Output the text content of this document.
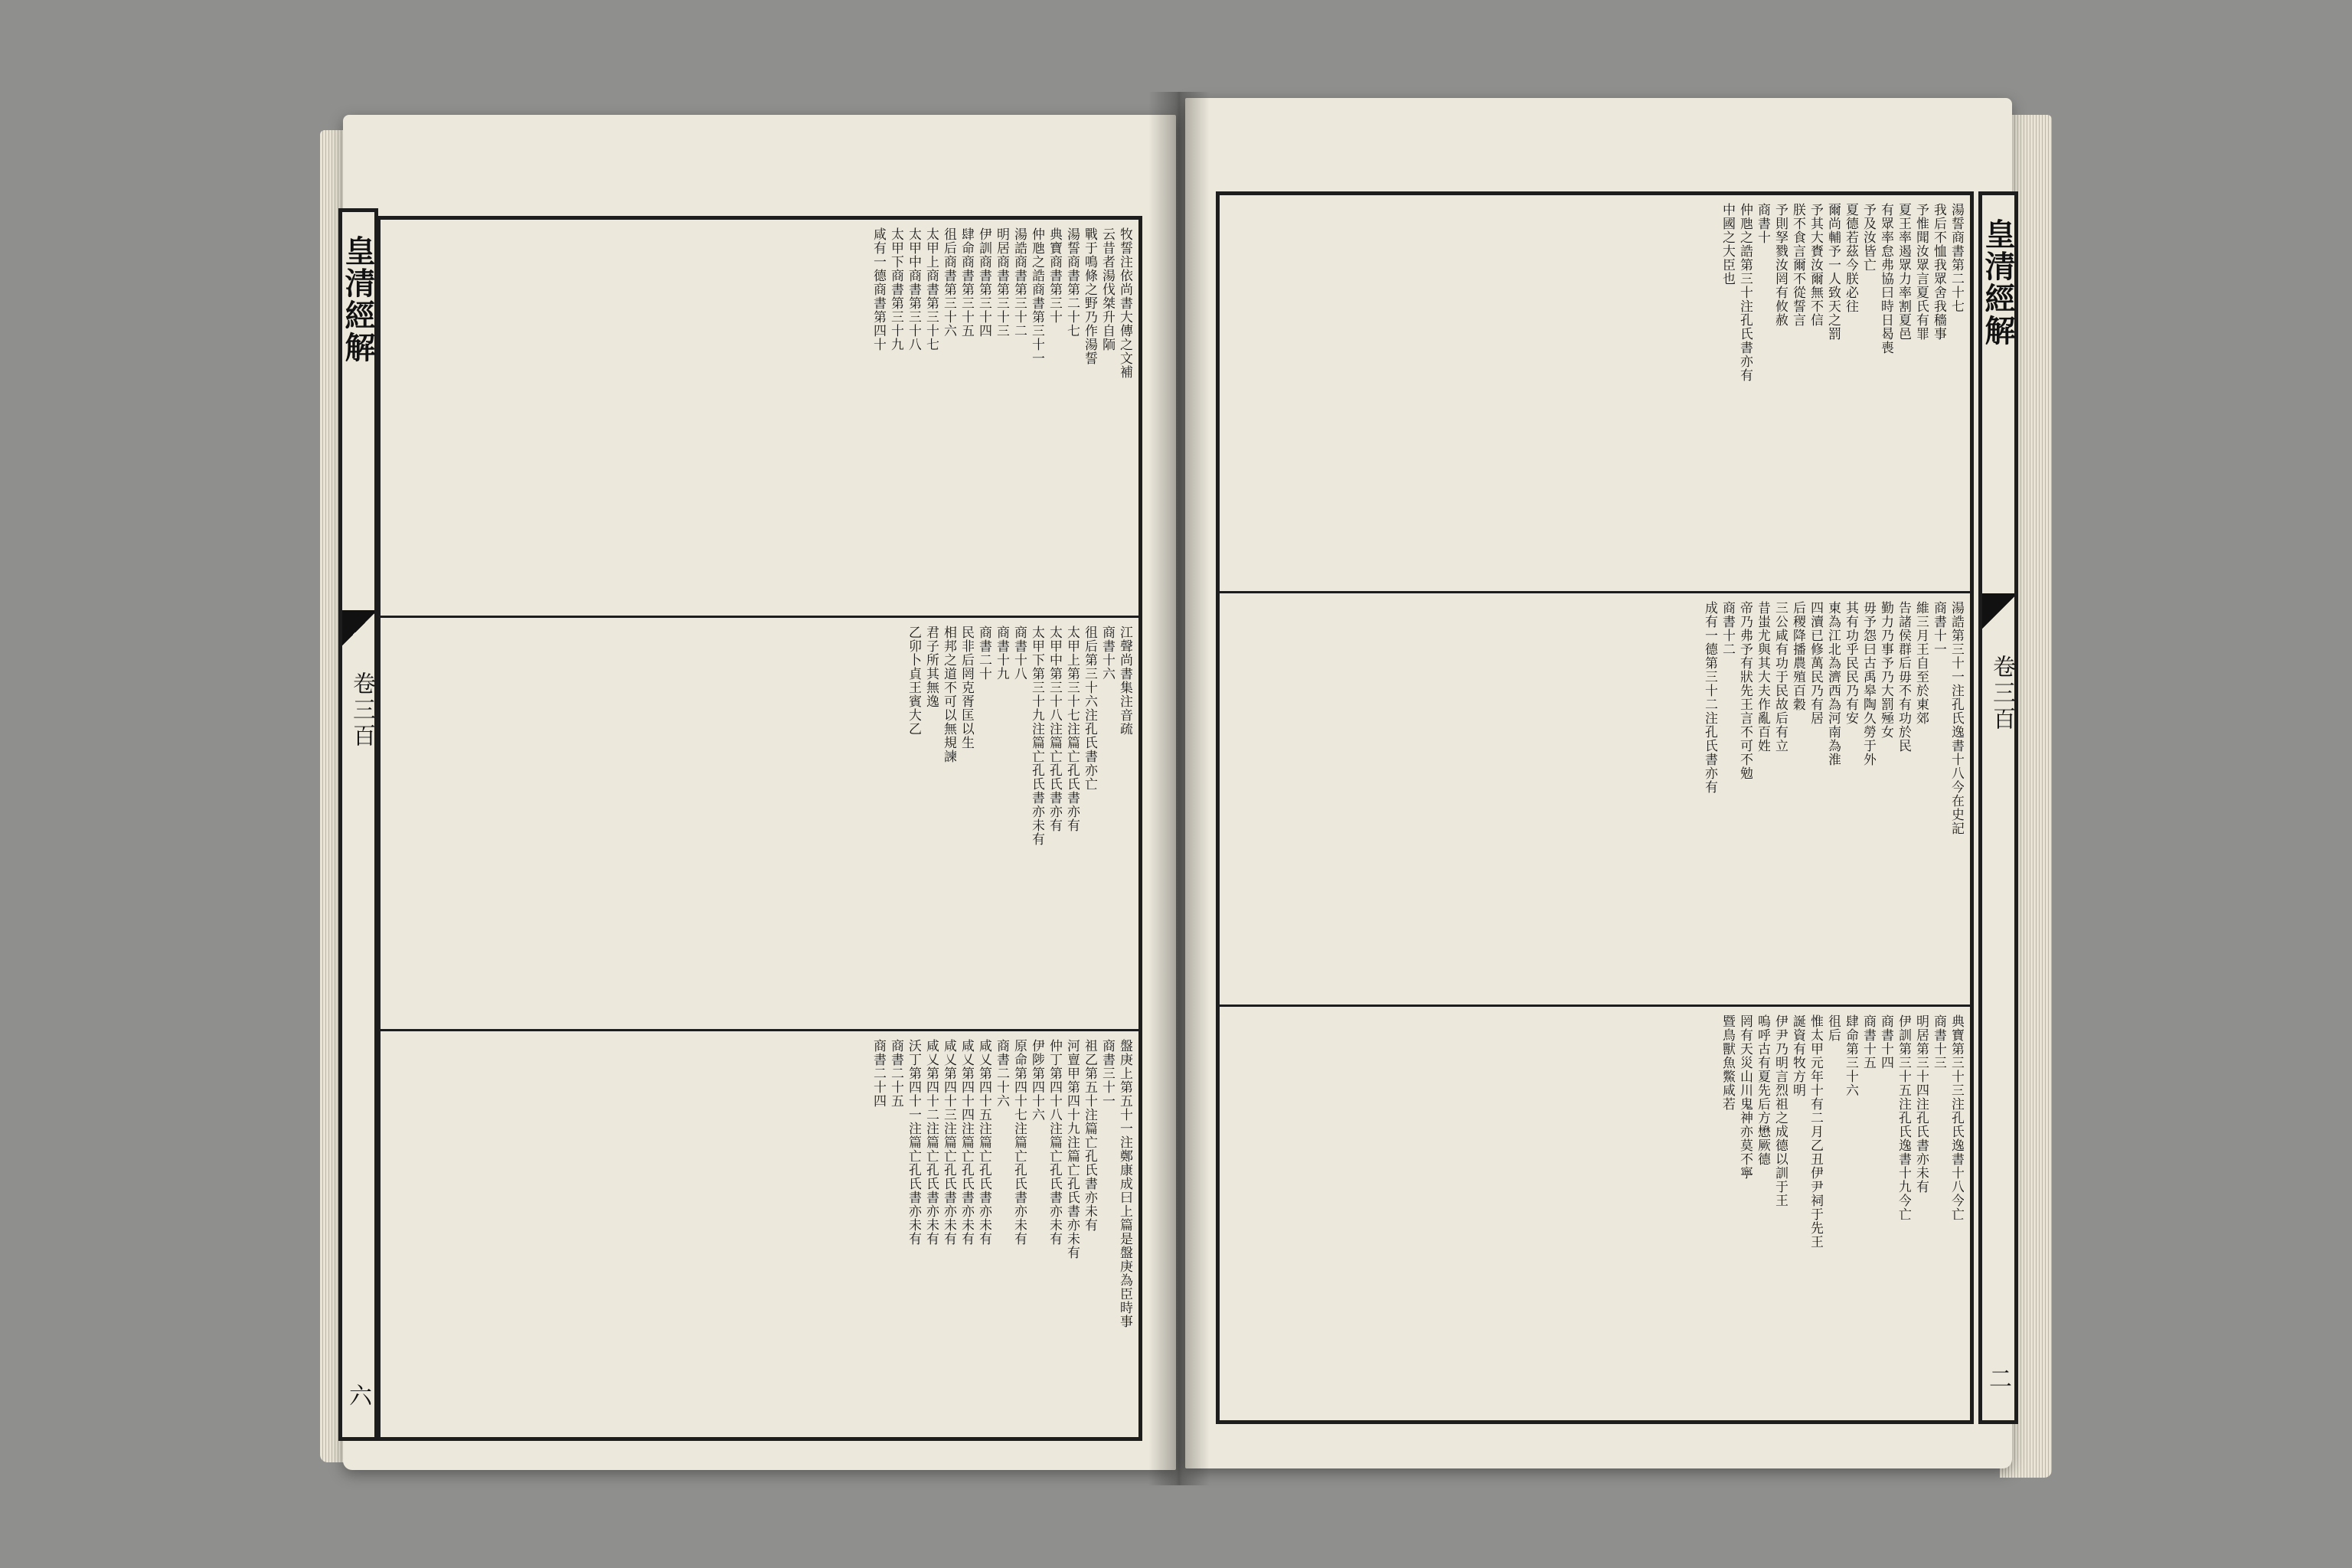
牧誓注依尚書大傳之文補
云昔者湯伐桀升自陑
戰于鳴條之野乃作湯誓
湯誓商書第二十七
典寶商書第三十
仲虺之誥商書第三十一
湯誥商書第三十二
明居商書第三十三
伊訓商書第三十四
肆命商書第三十五
徂后商書第三十六
太甲上商書第三十七
太甲中商書第三十八
太甲下商書第三十九
咸有一德商書第四十
江聲尚書集注音疏
商書十六
徂后第三十六注孔氏書亦亡
太甲上第三十七注篇亡孔氏書亦有
太甲中第三十八注篇亡孔氏書亦有
太甲下第三十九注篇亡孔氏書亦未有
商書十八
商書十九
商書二十
民非后罔克胥匡以生
相邦之道不可以無規諫
君子所其無逸
乙卯卜貞王賓大乙
盤庚上第五十一注鄭康成曰上篇是盤庚為臣時事
商書三十一
祖乙第五十注篇亡孔氏書亦未有
河亶甲第四十九注篇亡孔氏書亦未有
仲丁第四十八注篇亡孔氏書亦未有
伊陟第四十六
原命第四十七注篇亡孔氏書亦未有
商書二十六
咸乂第四十五注篇亡孔氏書亦未有
咸乂第四十四注篇亡孔氏書亦未有
咸乂第四十三注篇亡孔氏書亦未有
咸乂第四十二注篇亡孔氏書亦未有
沃丁第四十一注篇亡孔氏書亦未有
商書二十五
商書二十四
皇清經解
卷三百
六
湯誓商書第二十七
我后不恤我眾舍我穡事
予惟聞汝眾言夏氏有罪
夏王率遏眾力率割夏邑
有眾率怠弗協曰時日曷喪
予及汝皆亡
夏德若茲今朕必往
爾尚輔予一人致天之罰
予其大賚汝爾無不信
朕不食言爾不從誓言
予則孥戮汝罔有攸赦
商書十
仲虺之誥第三十注孔氏書亦有
中國之大臣也
湯誥第三十一注孔氏逸書十八今在史記
商書十一
維三月王自至於東郊
告諸侯群后毋不有功於民
勤力乃事予乃大罰殛女
毋予怨曰古禹皋陶久勞于外
其有功乎民民乃有安
東為江北為濟西為河南為淮
四瀆已修萬民乃有居
后稷降播農殖百穀
三公咸有功于民故后有立
昔蚩尤與其大夫作亂百姓
帝乃弗予有狀先王言不可不勉
商書十二
成有一德第三十二注孔氏書亦有
典寶第三十三注孔氏逸書十八今亡
商書十三
明居第三十四注孔氏書亦未有
伊訓第三十五注孔氏逸書十九今亡
商書十四
商書十五
肆命第三十六
徂后
惟太甲元年十有二月乙丑伊尹祠于先王
誕資有牧方明
伊尹乃明言烈祖之成德以訓于王
嗚呼古有夏先后方懋厥德
罔有天災山川鬼神亦莫不寧
暨鳥獸魚鱉咸若
皇清經解
卷三百
二
